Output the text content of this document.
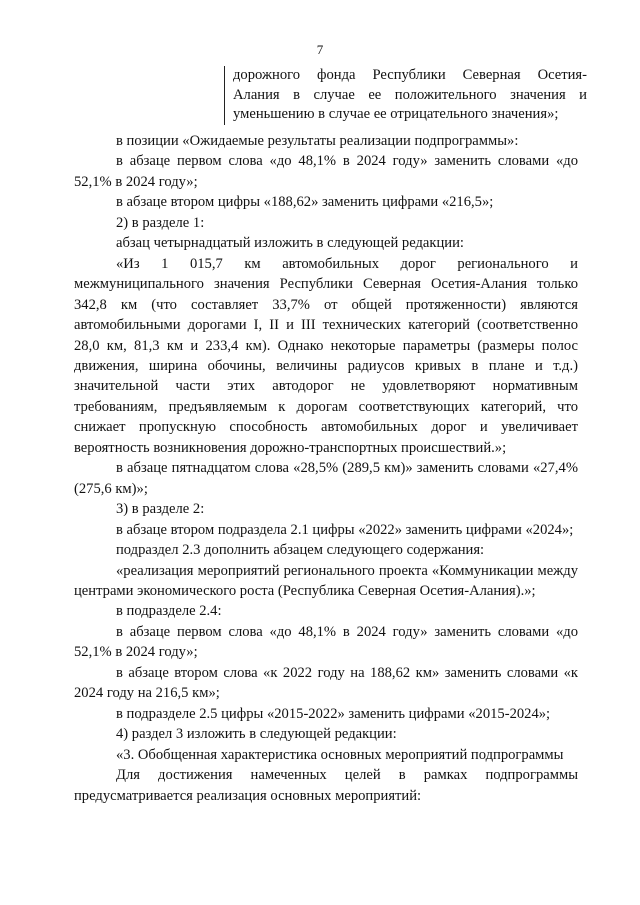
7
дорожного фонда Республики Северная Осетия-
Алания в случае ее положительного значения и
уменьшению в случае ее отрицательного значения»;

в позиции «Ожидаемые результаты реализации подпрограммы»:

в абзаце первом слова «до 48,1% в 2024 году» заменить словами «до 52,1% в 2024 году»;

в абзаце втором цифры «188,62» заменить цифрами «216,5»;

2) в разделе 1:

абзац четырнадцатый изложить в следующей редакции:

«Из 1 015,7 км автомобильных дорог регионального и межмуниципального значения Республики Северная Осетия-Алания только 342,8 км (что составляет 33,7% от общей протяженности) являются автомобильными дорогами I, II и III технических категорий (соответственно 28,0 км, 81,3 км и 233,4 км). Однако некоторые параметры (размеры полос движения, ширина обочины, величины радиусов кривых в плане и т.д.) значительной части этих автодорог не удовлетворяют нормативным требованиям, предъявляемым к дорогам соответствующих категорий, что снижает пропускную способность автомобильных дорог и увеличивает вероятность возникновения дорожно-транспортных происшествий.»;

в абзаце пятнадцатом слова «28,5% (289,5 км)» заменить словами «27,4% (275,6 км)»;

3) в разделе 2:

в абзаце втором подраздела 2.1 цифры «2022» заменить цифрами «2024»;

подраздел 2.3 дополнить абзацем следующего содержания:

«реализация мероприятий регионального проекта «Коммуникации между центрами экономического роста (Республика Северная Осетия-Алания).»;

в подразделе 2.4:

в абзаце первом слова «до 48,1% в 2024 году» заменить словами «до 52,1% в 2024 году»;

в абзаце втором слова «к 2022 году на 188,62 км» заменить словами «к 2024 году на 216,5 км»;

в подразделе 2.5 цифры «2015-2022» заменить цифрами «2015-2024»;

4) раздел 3 изложить в следующей редакции:

«3. Обобщенная характеристика основных мероприятий подпрограммы

Для достижения намеченных целей в рамках подпрограммы предусматривается реализация основных мероприятий:
